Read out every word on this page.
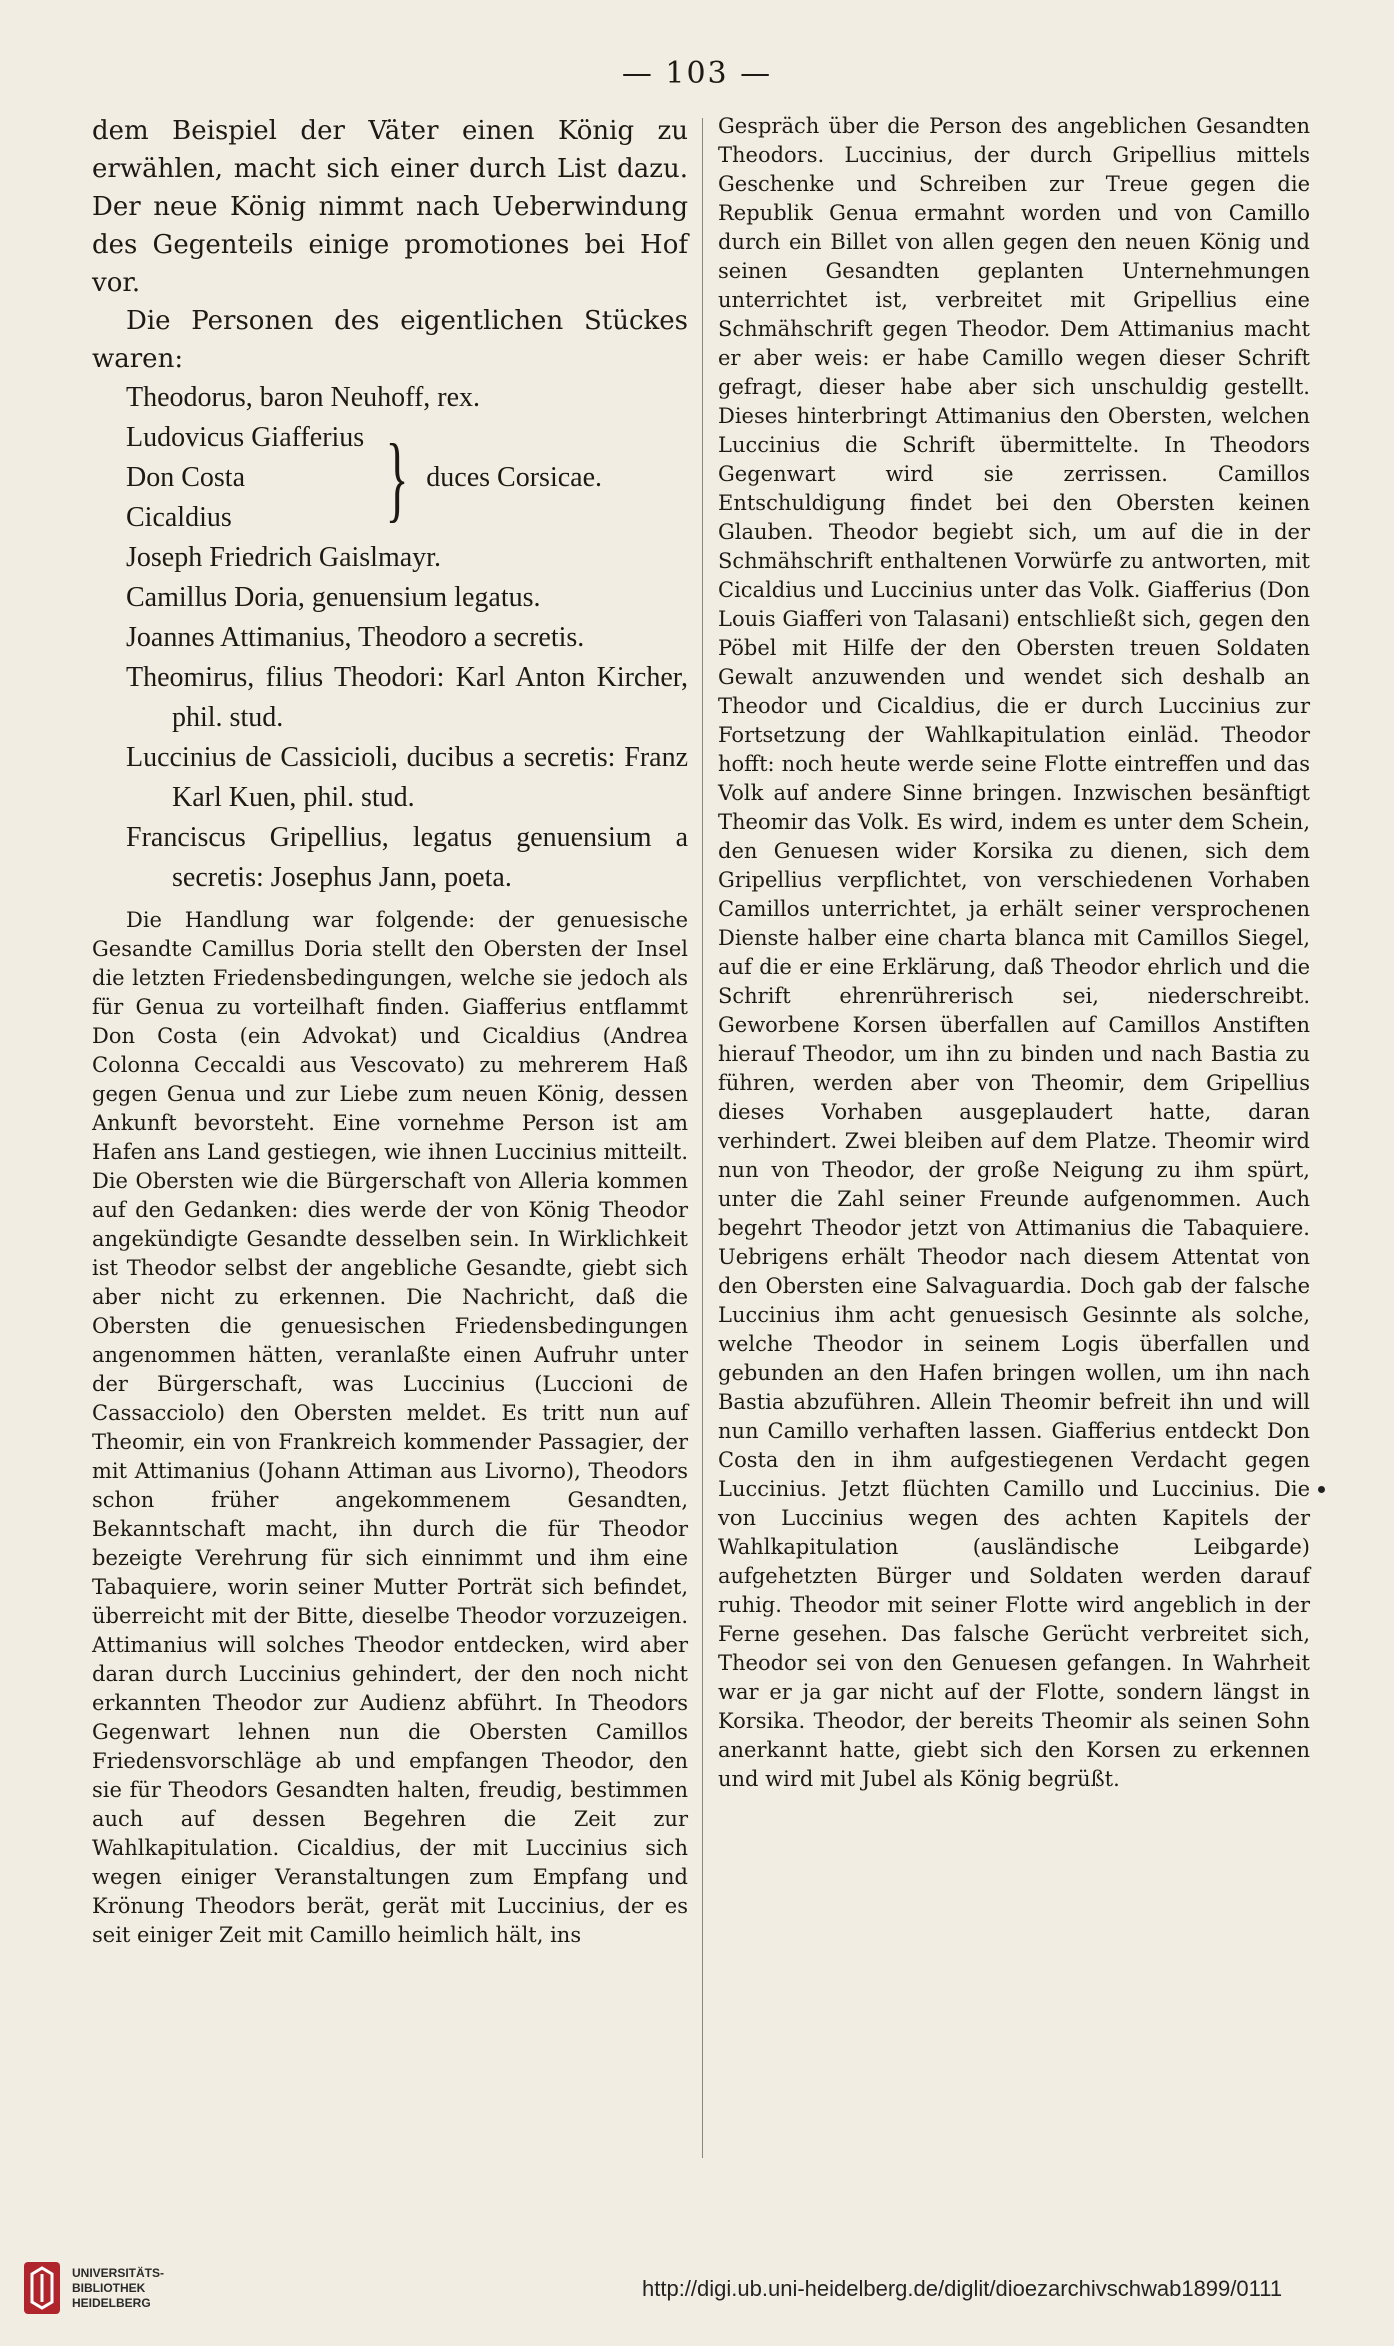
— 103 —

dem Beispiel der Väter einen König zu erwählen, macht sich einer durch List dazu. Der neue König nimmt nach Ueberwindung des Gegenteils einige promotiones bei Hof vor.

Die Personen des eigentlichen Stückes waren:

Theodorus, baron Neuhoff, rex.
Ludovicus Giafferius
Don Costa
Cicaldius	} duces Corsicae.
Joseph Friedrich Gaislmayr.
Camillus Doria, genuensium legatus.
Joannes Attimanius, Theodoro a secretis.
Theomirus, filius Theodori: Karl Anton Kircher, phil. stud.
Luccinius de Cassicioli, ducibus a secretis: Franz Karl Kuen, phil. stud.
Franciscus Gripellius, legatus genuensium a secretis: Josephus Jann, poeta.

Die Handlung war folgende: der genuesische Gesandte Camillus Doria stellt den Obersten der Insel die letzten Friedensbedingungen, welche sie jedoch als für Genua zu vorteilhaft finden. Giafferius entflammt Don Costa (ein Advokat) und Cicaldius (Andrea Colonna Ceccaldi aus Vescovato) zu mehrerem Haß gegen Genua und zur Liebe zum neuen König, dessen Ankunft bevorsteht. Eine vornehme Person ist am Hafen ans Land gestiegen, wie ihnen Luccinius mitteilt. Die Obersten wie die Bürgerschaft von Alleria kommen auf den Gedanken: dies werde der von König Theodor angekündigte Gesandte desselben sein. In Wirklichkeit ist Theodor selbst der angebliche Gesandte, giebt sich aber nicht zu erkennen. Die Nachricht, daß die Obersten die genuesischen Friedensbedingungen angenommen hätten, veranlaßte einen Aufruhr unter der Bürgerschaft, was Luccinius (Luccioni de Cassacciolo) den Obersten meldet. Es tritt nun auf Theomir, ein von Frankreich kommender Passagier, der mit Attimanius (Johann Attiman aus Livorno), Theodors schon früher angekommenem Gesandten, Bekanntschaft macht, ihn durch die für Theodor bezeigte Verehrung für sich einnimmt und ihm eine Tabaquiere, worin seiner Mutter Porträt sich befindet, überreicht mit der Bitte, dieselbe Theodor vorzuzeigen. Attimanius will solches Theodor entdecken, wird aber daran durch Luccinius gehindert, der den noch nicht erkannten Theodor zur Audienz abführt. In Theodors Gegenwart lehnen nun die Obersten Camillos Friedensvorschläge ab und empfangen Theodor, den sie für Theodors Gesandten halten, freudig, bestimmen auch auf dessen Begehren die Zeit zur Wahlkapitulation. Cicaldius, der mit Luccinius sich wegen einiger Veranstaltungen zum Empfang und Krönung Theodors berät, gerät mit Luccinius, der es seit einiger Zeit mit Camillo heimlich hält, ins

Gespräch über die Person des angeblichen Gesandten Theodors. Luccinius, der durch Gripellius mittels Geschenke und Schreiben zur Treue gegen die Republik Genua ermahnt worden und von Camillo durch ein Billet von allen gegen den neuen König und seinen Gesandten geplanten Unternehmungen unterrichtet ist, verbreitet mit Gripellius eine Schmähschrift gegen Theodor. Dem Attimanius macht er aber weis: er habe Camillo wegen dieser Schrift gefragt, dieser habe aber sich unschuldig gestellt. Dieses hinterbringt Attimanius den Obersten, welchen Luccinius die Schrift übermittelte. In Theodors Gegenwart wird sie zerrissen. Camillos Entschuldigung findet bei den Obersten keinen Glauben. Theodor begiebt sich, um auf die in der Schmähschrift enthaltenen Vorwürfe zu antworten, mit Cicaldius und Luccinius unter das Volk. Giafferius (Don Louis Giafferi von Talasani) entschließt sich, gegen den Pöbel mit Hilfe der den Obersten treuen Soldaten Gewalt anzuwenden und wendet sich deshalb an Theodor und Cicaldius, die er durch Luccinius zur Fortsetzung der Wahlkapitulation einläd. Theodor hofft: noch heute werde seine Flotte eintreffen und das Volk auf andere Sinne bringen. Inzwischen besänftigt Theomir das Volk. Es wird, indem es unter dem Schein, den Genuesen wider Korsika zu dienen, sich dem Gripellius verpflichtet, von verschiedenen Vorhaben Camillos unterrichtet, ja erhält seiner versprochenen Dienste halber eine charta blanca mit Camillos Siegel, auf die er eine Erklärung, daß Theodor ehrlich und die Schrift ehrenrührerisch sei, niederschreibt. Geworbene Korsen überfallen auf Camillos Anstiften hierauf Theodor, um ihn zu binden und nach Bastia zu führen, werden aber von Theomir, dem Gripellius dieses Vorhaben ausgeplaudert hatte, daran verhindert. Zwei bleiben auf dem Platze. Theomir wird nun von Theodor, der große Neigung zu ihm spürt, unter die Zahl seiner Freunde aufgenommen. Auch begehrt Theodor jetzt von Attimanius die Tabaquiere. Uebrigens erhält Theodor nach diesem Attentat von den Obersten eine Salvaguardia. Doch gab der falsche Luccinius ihm acht genuesisch Gesinnte als solche, welche Theodor in seinem Logis überfallen und gebunden an den Hafen bringen wollen, um ihn nach Bastia abzuführen. Allein Theomir befreit ihn und will nun Camillo verhaften lassen. Giafferius entdeckt Don Costa den in ihm aufgestiegenen Verdacht gegen Luccinius. Jetzt flüchten Camillo und Luccinius. Die von Luccinius wegen des achten Kapitels der Wahlkapitulation (ausländische Leibgarde) aufgehetzten Bürger und Soldaten werden darauf ruhig. Theodor mit seiner Flotte wird angeblich in der Ferne gesehen. Das falsche Gerücht verbreitet sich, Theodor sei von den Genuesen gefangen. In Wahrheit war er ja gar nicht auf der Flotte, sondern längst in Korsika. Theodor, der bereits Theomir als seinen Sohn anerkannt hatte, giebt sich den Korsen zu erkennen und wird mit Jubel als König begrüßt.

UNIVERSITÄTS-
BIBLIOTHEK
HEIDELBERG
http://digi.ub.uni-heidelberg.de/diglit/dioezarchivschwab1899/0111
